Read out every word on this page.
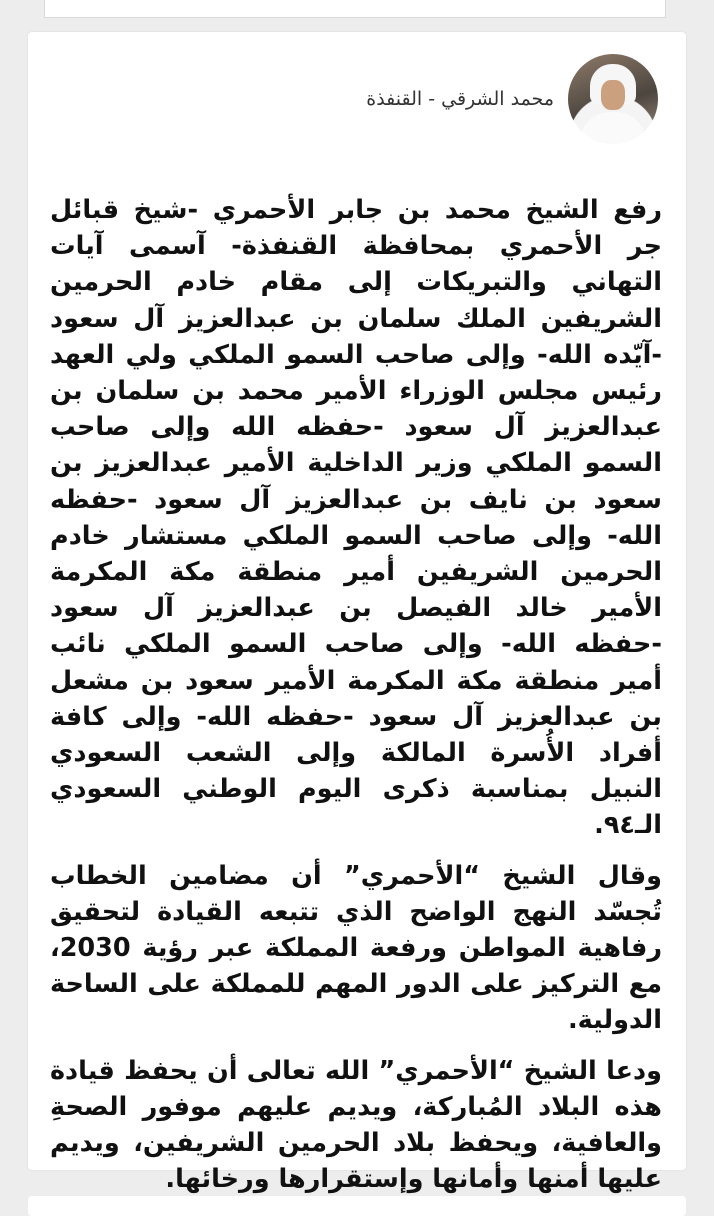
محمد الشرقي - القنفذة

رفع الشيخ محمد بن جابر الأحمري -شيخ قبائل جر الأحمري بمحافظة القنفذة- آسمى آيات التهاني والتبريكات إلى مقام خادم الحرمين الشريفين الملك سلمان بن عبدالعزيز آل سعود -آيّده الله- وإلى صاحب السمو الملكي ولي العهد رئيس مجلس الوزراء الأمير محمد بن سلمان بن عبدالعزيز آل سعود -حفظه الله وإلى صاحب السمو الملكي وزير الداخلية الأمير عبدالعزيز بن سعود بن نايف بن عبدالعزيز آل سعود -حفظه الله- وإلى صاحب السمو الملكي مستشار خادم الحرمين الشريفين أمير منطقة مكة المكرمة الأمير خالد الفيصل بن عبدالعزيز آل سعود -حفظه الله- وإلى صاحب السمو الملكي نائب أمير منطقة مكة المكرمة الأمير سعود بن مشعل بن عبدالعزيز آل سعود -حفظه الله- وإلى كافة أفراد الأُسرة المالكة وإلى الشعب السعودي النبيل بمناسبة ذكرى اليوم الوطني السعودي الـ٩٤.

وقال الشيخ “الأحمري” أن مضامين الخطاب تُجسّد النهج الواضح الذي تتبعه القيادة لتحقيق رفاهية المواطن ورفعة المملكة عبر رؤية 2030، مع التركيز على الدور المهم للمملكة على الساحة الدولية.

ودعا الشيخ “الأحمري” الله تعالى أن يحفظ قيادة هذه البلاد المُباركة، ويديم عليهم موفور الصحةِ والعافية، ويحفظ بلاد الحرمين الشريفين، ويديم عليها أمنها وأمانها وإستقرارها ورخائها.
